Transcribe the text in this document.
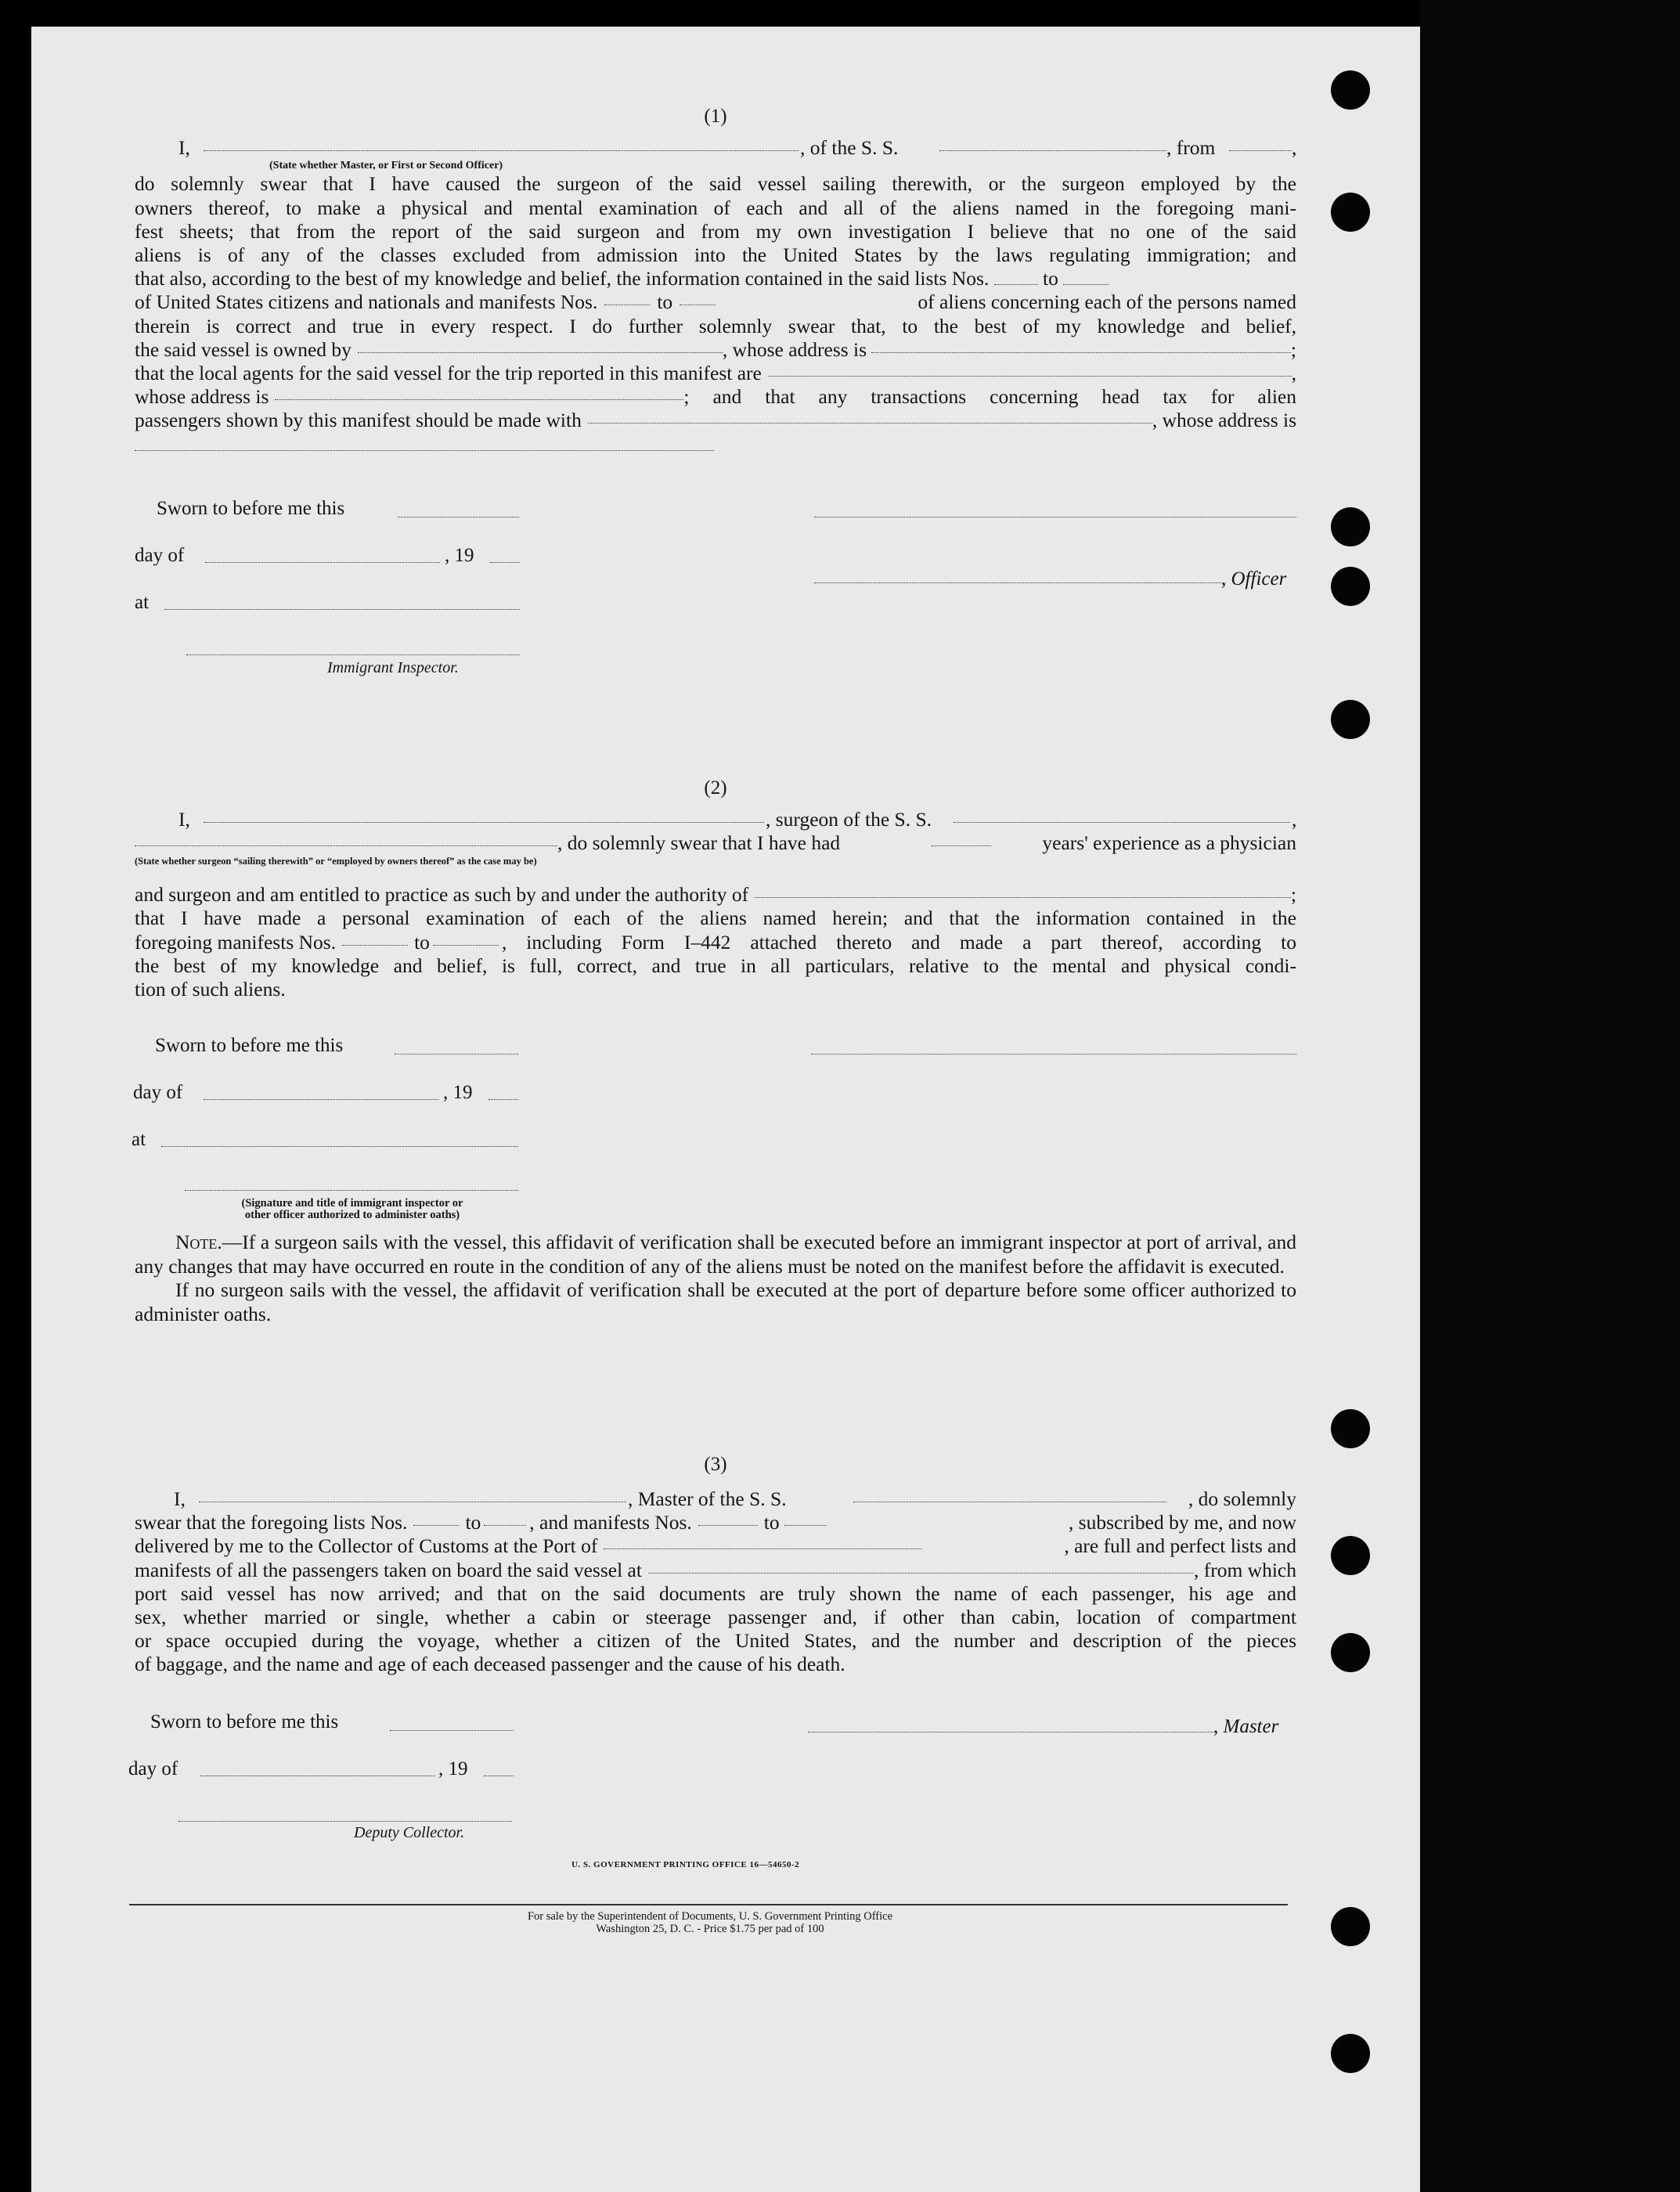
(1)
I,	, of the S. S.	, from	,

(State whether Master, or First or Second Officer)
do solemnly swear that I have caused the surgeon of the said vessel sailing therewith, or the surgeon employed by the
owners thereof, to make a physical and mental examination of each and all of the aliens named in the foregoing mani-
fest sheets; that from the report of the said surgeon and from my own investigation I believe that no one of the said
aliens is of any of the classes excluded from admission into the United States by the laws regulating immigration; and
that also, according to the best of my knowledge and belief, the information contained in the said lists Nos.	to
of United States citizens and nationals and manifests Nos.	to	of aliens concerning each of the persons named
therein is correct and true in every respect. I do further solemnly swear that, to the best of my knowledge and belief,
the said vessel is owned by	, whose address is	;
that the local agents for the said vessel for the trip reported in this manifest are	,
whose address is	; and that any transactions concerning head tax for alien
passengers shown by this manifest should be made with	, whose address is
Sworn to before me this
day of	, 19
at
Immigrant Inspector.
, Officer
(2)
I,	, surgeon of the S. S.	,
, do solemnly swear that I have had	years' experience as a physician
(State whether surgeon “sailing therewith” or “employed by owners thereof” as the case may be)
and surgeon and am entitled to practice as such by and under the authority of	;
that I have made a personal examination of each of the aliens named herein; and that the information contained in the
foregoing manifests Nos.	to	, including Form I–442 attached thereto and made a part thereof, according to
the best of my knowledge and belief, is full, correct, and true in all particulars, relative to the mental and physical condi-
tion of such aliens.
Sworn to before me this
day of	, 19
at
(Signature and title of immigrant inspector or
other officer authorized to administer oaths)

Note.—If a surgeon sails with the vessel, this affidavit of verification shall be executed before an immigrant inspector at port of arrival, and any changes that may have occurred en route in the condition of any of the aliens must be noted on the manifest before the affidavit is executed.

If no surgeon sails with the vessel, the affidavit of verification shall be executed at the port of departure before some officer authorized to administer oaths.

(3)
I,	, Master of the S. S.	, do solemnly
swear that the foregoing lists Nos.	to , and manifests Nos.	to	, subscribed by me, and now
delivered by me to the Collector of Customs at the Port of	, are full and perfect lists and
manifests of all the passengers taken on board the said vessel at	, from which
port said vessel has now arrived; and that on the said documents are truly shown the name of each passenger, his age and
sex, whether married or single, whether a cabin or steerage passenger and, if other than cabin, location of compartment
or space occupied during the voyage, whether a citizen of the United States, and the number and description of the pieces
of baggage, and the name and age of each deceased passenger and the cause of his death.
Sworn to before me this	, Master
day of	, 19
Deputy Collector.
U. S. GOVERNMENT PRINTING OFFICE 16—54650-2
For sale by the Superintendent of Documents, U. S. Government Printing Office
Washington 25, D. C. - Price $1.75 per pad of 100
